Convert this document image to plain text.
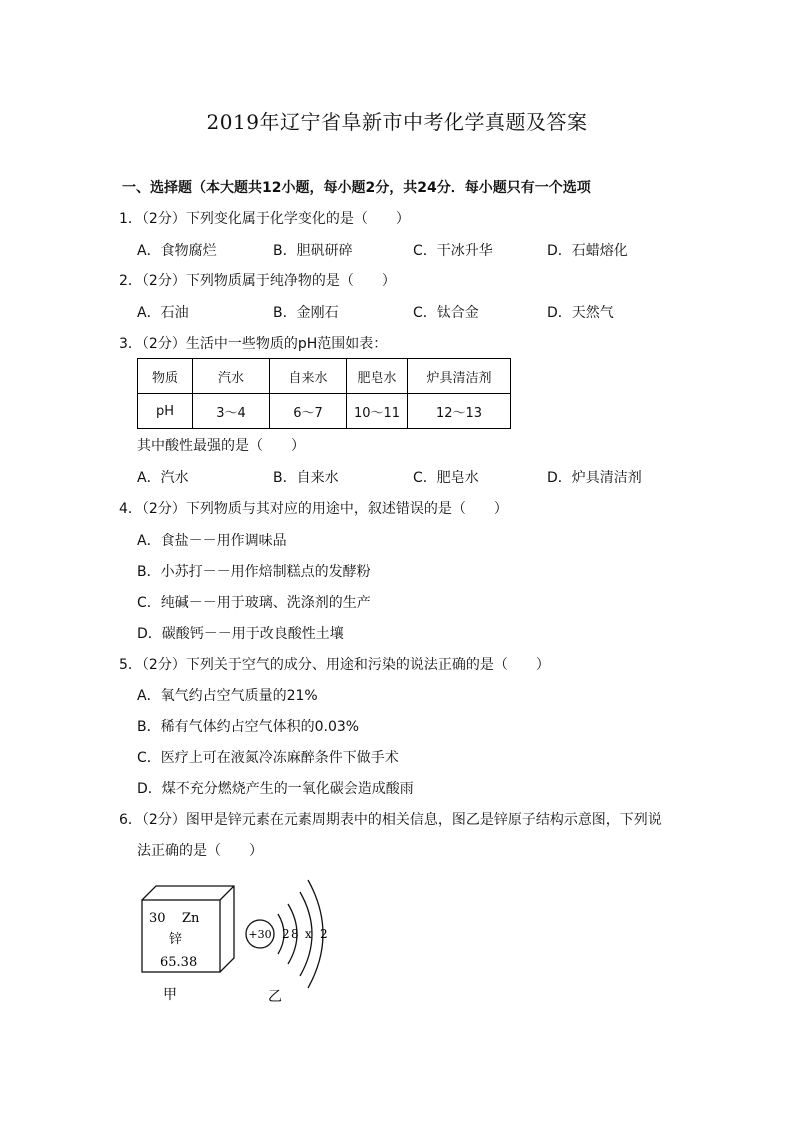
2019年辽宁省阜新市中考化学真题及答案
一、选择题（本大题共12小题，每小题2分，共24分．每小题只有一个选项
1．（2分）下列变化属于化学变化的是（　　）
A．食物腐烂	B．胆矾研碎	C．干冰升华	D．石蜡熔化
2．（2分）下列物质属于纯净物的是（　　）
A．石油	B．金刚石	C．钛合金	D．天然气
3．（2分）生活中一些物质的pH范围如表：
物质	汽水	自来水	肥皂水	炉具清洁剂
pH	3～4	6～7	10～11	12～13
其中酸性最强的是（　　）
A．汽水	B．自来水	C．肥皂水	D．炉具清洁剂
4．（2分）下列物质与其对应的用途中，叙述错误的是（　　）
A．食盐－－用作调味品
B．小苏打－－用作焙制糕点的发酵粉
C．纯碱－－用于玻璃、洗涤剂的生产
D．碳酸钙－－用于改良酸性土壤
5．（2分）下列关于空气的成分、用途和污染的说法正确的是（　　）
A．氧气约占空气质量的21%
B．稀有气体约占空气体积的0.03%
C．医疗上可在液氮冷冻麻醉条件下做手术
D．煤不充分燃烧产生的一氧化碳会造成酸雨
6．（2分）图甲是锌元素在元素周期表中的相关信息，图乙是锌原子结构示意图，下列说
法正确的是（　　）
30 Zn
锌
65.38
+30 2 8 x 2
甲	乙
